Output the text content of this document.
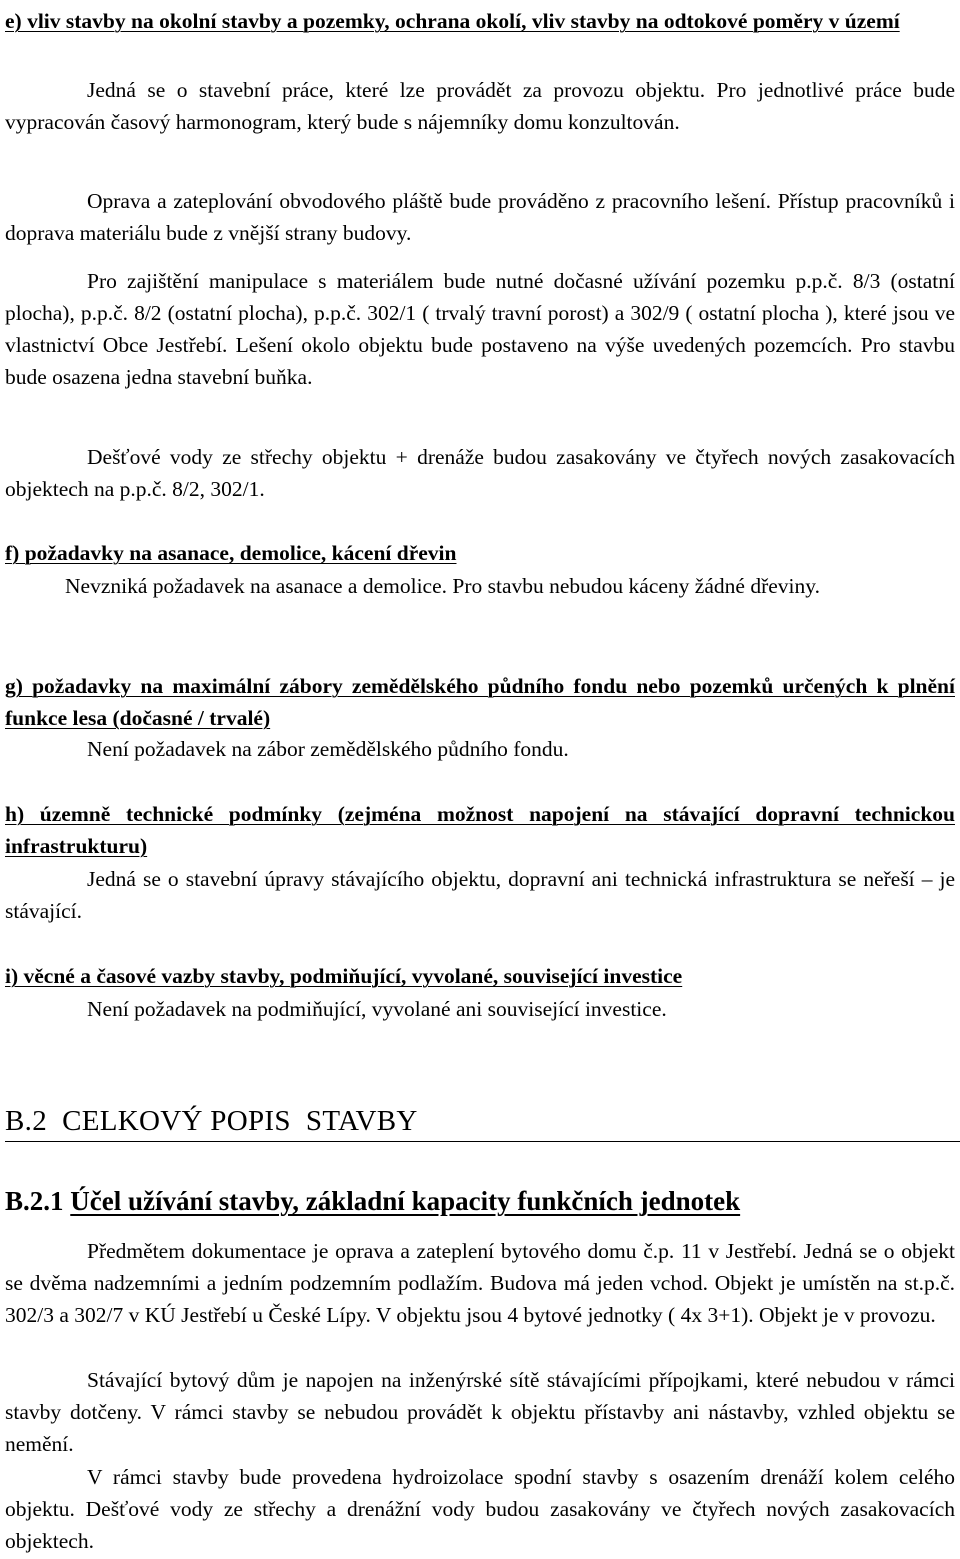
e) vliv stavby na okolní stavby a pozemky, ochrana okolí, vliv stavby na odtokové poměry v území

Jedná se o stavební práce, které lze provádět za provozu objektu. Pro jednotlivé práce bude vypracován časový harmonogram, který bude s nájemníky domu konzultován.

Oprava a zateplování obvodového pláště bude prováděno z pracovního lešení. Přístup pracovníků i doprava materiálu bude z vnější strany budovy.

Pro zajištění manipulace s materiálem bude nutné dočasné užívání pozemku p.p.č. 8/3 (ostatní plocha), p.p.č. 8/2 (ostatní plocha), p.p.č. 302/1 ( trvalý travní porost) a 302/9 ( ostatní plocha ), které jsou ve vlastnictví Obce Jestřebí. Lešení okolo objektu bude postaveno na výše uvedených pozemcích. Pro stavbu bude osazena jedna stavební buňka.

Dešťové vody ze střechy objektu + drenáže budou zasakovány ve čtyřech nových zasakovacích objektech na p.p.č. 8/2, 302/1.

f) požadavky na asanace, demolice, kácení dřevin

Nevzniká požadavek na asanace a demolice. Pro stavbu nebudou káceny žádné dřeviny.

g) požadavky na maximální zábory zemědělského půdního fondu nebo pozemků určených k plnění funkce lesa (dočasné / trvalé)

Není požadavek na zábor zemědělského půdního fondu.

h) územně technické podmínky (zejména možnost napojení na stávající dopravní technickou infrastrukturu)

Jedná se o stavební úpravy stávajícího objektu, dopravní ani technická infrastruktura se neřeší – je stávající.

i) věcné a časové vazby stavby, podmiňující, vyvolané, související investice

Není požadavek na podmiňující, vyvolané ani související investice.

B.2 CELKOVÝ POPIS  STAVBY
B.2.1 Účel užívání stavby, základní kapacity funkčních jednotek

Předmětem dokumentace je oprava a zateplení bytového domu č.p. 11 v Jestřebí. Jedná se o objekt se dvěma nadzemními a jedním podzemním podlažím. Budova má jeden vchod. Objekt je umístěn na st.p.č. 302/3 a 302/7 v KÚ Jestřebí u České Lípy. V objektu jsou 4 bytové jednotky ( 4x 3+1). Objekt je v provozu.

Stávající bytový dům je napojen na inženýrské sítě stávajícími přípojkami, které nebudou v rámci stavby dotčeny. V rámci stavby se nebudou provádět k objektu přístavby ani nástavby, vzhled objektu se nemění.

V rámci stavby bude provedena hydroizolace spodní stavby s osazením drenáží kolem celého objektu. Dešťové vody ze střechy a drenážní vody budou zasakovány ve čtyřech nových zasakovacích objektech.
